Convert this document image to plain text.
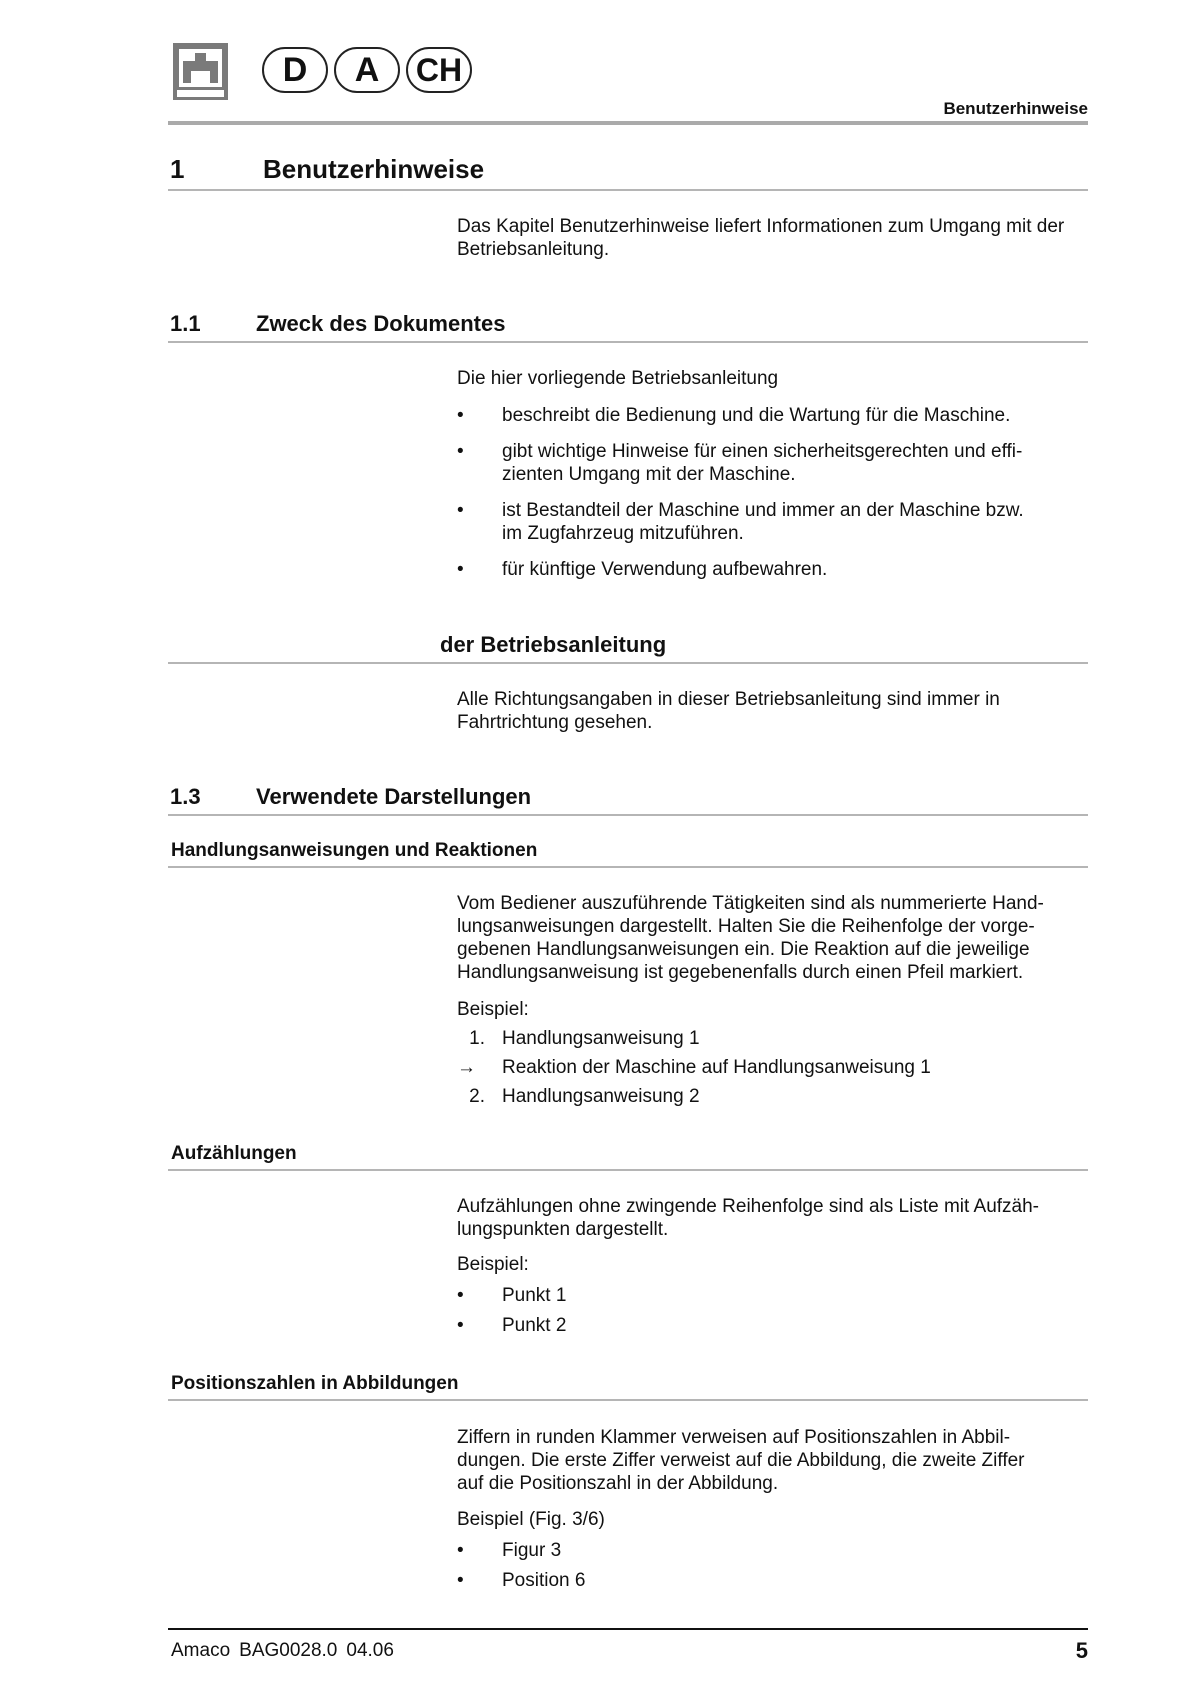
D	A	CH
Benutzerhinweise
1	Benutzerhinweise
Das Kapitel Benutzerhinweise liefert Informationen zum Umgang mit der Betriebsanleitung.
1.1	Zweck des Dokumentes
Die hier vorliegende Betriebsanleitung
•	beschreibt die Bedienung und die Wartung für die Maschine.
•	gibt wichtige Hinweise für einen sicherheitsgerechten und effi-
zienten Umgang mit der Maschine.
•	ist Bestandteil der Maschine und immer an der Maschine bzw.
im Zugfahrzeug mitzuführen.
•	für künftige Verwendung aufbewahren.
der Betriebsanleitung
Alle Richtungsangaben in dieser Betriebsanleitung sind immer in
Fahrtrichtung gesehen.
1.3	Verwendete Darstellungen
Handlungsanweisungen und Reaktionen
Vom Bediener auszuführende Tätigkeiten sind als nummerierte Hand-
lungsanweisungen dargestellt. Halten Sie die Reihenfolge der vorge-
gebenen Handlungsanweisungen ein. Die Reaktion auf die jeweilige
Handlungsanweisung ist gegebenenfalls durch einen Pfeil markiert.
Beispiel:
1. Handlungsanweisung 1
→	Reaktion der Maschine auf Handlungsanweisung 1
2. Handlungsanweisung 2
Aufzählungen
Aufzählungen ohne zwingende Reihenfolge sind als Liste mit Aufzäh-
lungspunkten dargestellt.
Beispiel:
•	Punkt 1
•	Punkt 2
Positionszahlen in Abbildungen
Ziffern in runden Klammer verweisen auf Positionszahlen in Abbil-
dungen. Die erste Ziffer verweist auf die Abbildung, die zweite Ziffer
auf die Positionszahl in der Abbildung.
Beispiel (Fig. 3/6)
•	Figur 3
•	Position 6
Amaco BAG0028.0 04.06	5
